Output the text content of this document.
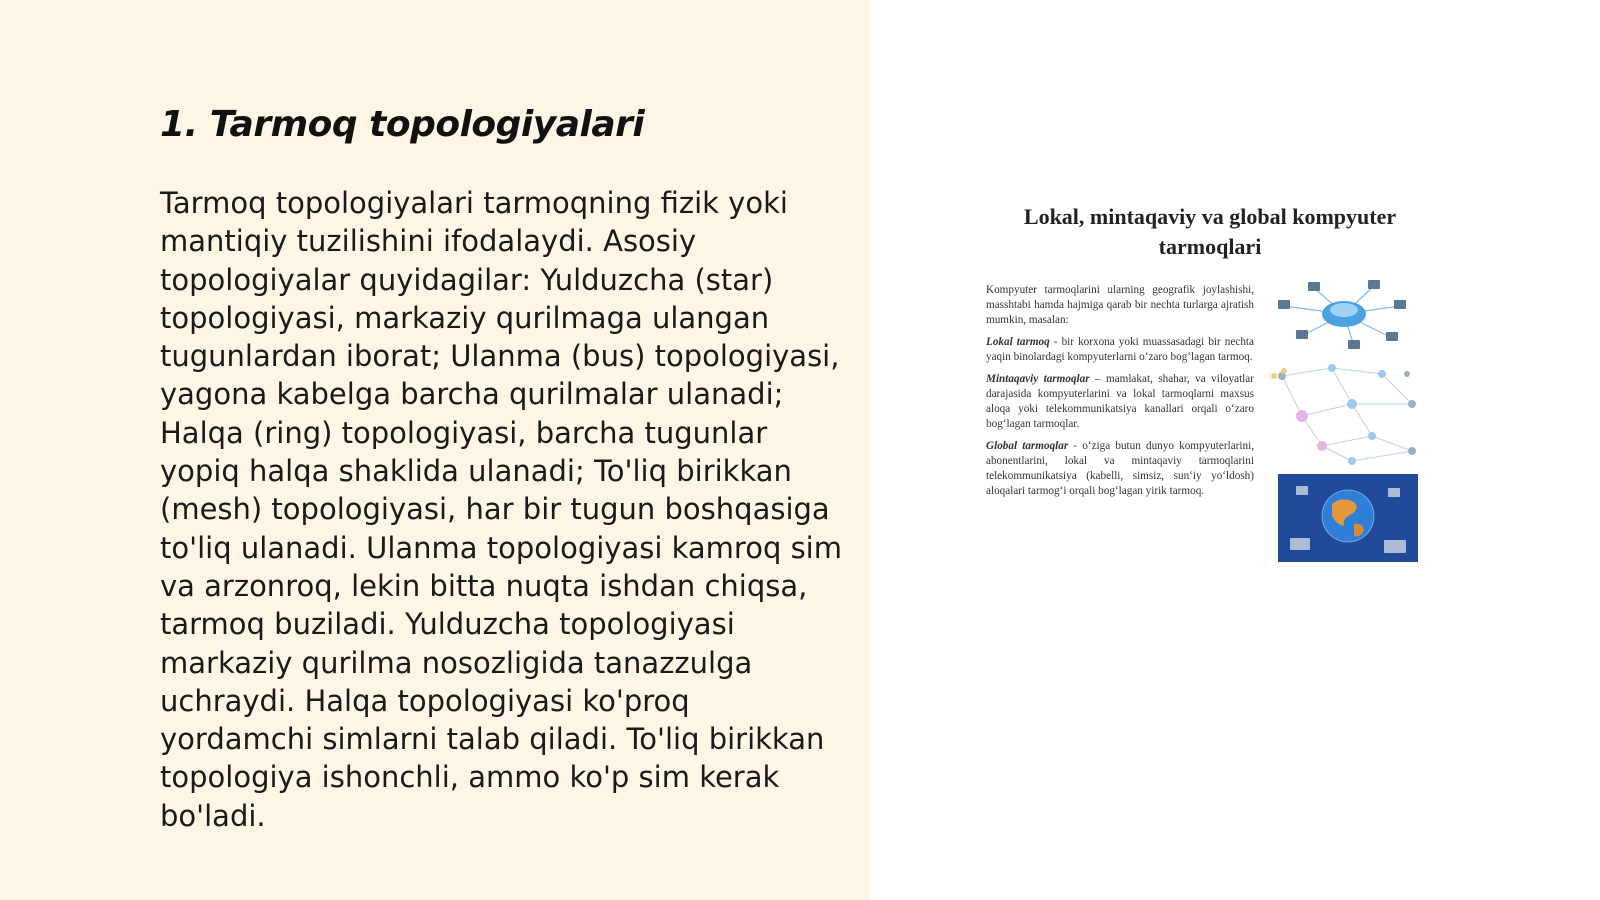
1. Tarmoq topologiyalari

Tarmoq topologiyalari tarmoqning fizik yoki mantiqiy tuzilishini ifodalaydi. Asosiy topologiyalar quyidagilar: Yulduzcha (star) topologiyasi, markaziy qurilmaga ulangan tugunlardan iborat; Ulanma (bus) topologiyasi, yagona kabelga barcha qurilmalar ulanadi; Halqa (ring) topologiyasi, barcha tugunlar yopiq halqa shaklida ulanadi; To'liq birikkan (mesh) topologiyasi, har bir tugun boshqasiga to'liq ulanadi. Ulanma topologiyasi kamroq sim va arzonroq, lekin bitta nuqta ishdan chiqsa, tarmoq buziladi. Yulduzcha topologiyasi markaziy qurilma nosozligida tanazzulga uchraydi. Halqa topologiyasi ko'proq yordamchi simlarni talab qiladi. To'liq birikkan topologiya ishonchli, ammo ko'p sim kerak bo'ladi.

Lokal, mintaqaviy va global kompyuter tarmoqlari

Kompyuter tarmoqlarini ularning geografik joylashishi, masshtabi hamda hajmiga qarab bir nechta turlarga ajratish mumkin, masalan:

Lokal tarmoq - bir korxona yoki muassasadagi bir nechta yaqin binolardagi kompyuterlarni o‘zaro bog‘lagan tarmoq.

Mintaqaviy tarmoqlar – mamlakat, shahar, va viloyatlar darajasida kompyuterlarini va lokal tarmoqlarni maxsus aloqa yoki telekommunikatsiya kanallari orqali o‘zaro bog‘lagan tarmoqlar.

Global tarmoqlar - o‘ziga butun dunyo kompyuterlarini, abonentlarini, lokal va mintaqaviy tarmoqlarini telekommunikatsiya (kabelli, simsiz, sun‘iy yo‘ldosh) aloqalari tarmog‘i orqali bog‘lagan yirik tarmoq.
